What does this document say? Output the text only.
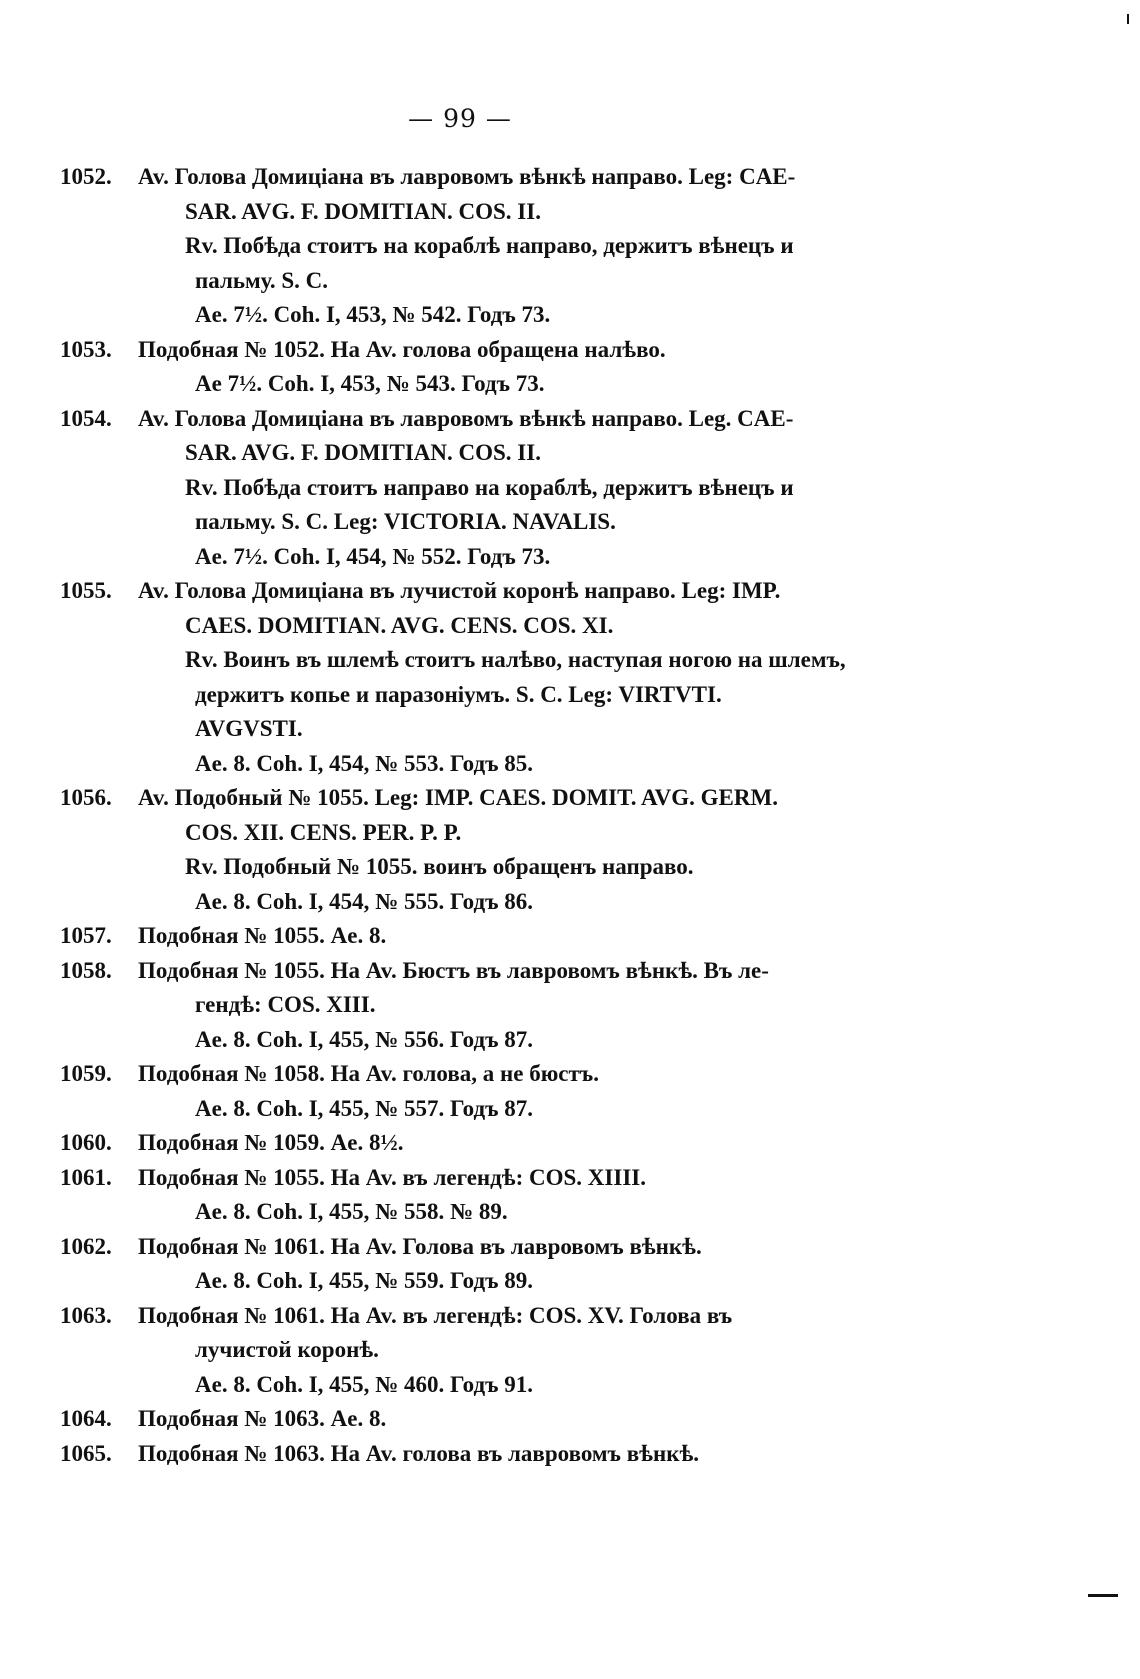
— 99 —
1052.	Av. Голова Домиціана въ лавровомъ вѣнкѣ направо. Leg: CAE-
SAR. AVG. F. DOMITIAN. COS. II.
Rv. Побѣда стоитъ на кораблѣ направо, держитъ вѣнецъ и
пальму. S. C.
Ae. 7½. Coh. I, 453, № 542. Годъ 73.
1053.	Подобная № 1052. На Av. голова обращена налѣво.
Ae 7½. Coh. I, 453, № 543. Годъ 73.
1054.	Av. Голова Домиціана въ лавровомъ вѣнкѣ направо. Leg. CAE-
SAR. AVG. F. DOMITIAN. COS. II.
Rv. Побѣда стоитъ направо на кораблѣ, держитъ вѣнецъ и
пальму. S. C. Leg: VICTORIA. NAVALIS.
Ae. 7½. Coh. I, 454, № 552. Годъ 73.
1055.	Av. Голова Домиціана въ лучистой коронѣ направо. Leg: IMP.
CAES. DOMITIAN. AVG. CENS. COS. XI.
Rv. Воинъ въ шлемѣ стоитъ налѣво, наступая ногою на шлемъ,
держитъ копье и паразоніумъ. S. C. Leg: VIRTVTI.
AVGVSTI.
Ae. 8. Coh. I, 454, № 553. Годъ 85.
1056.	Av. Подобный № 1055. Leg: IMP. CAES. DOMIT. AVG. GERM.
COS. XII. CENS. PER. P. P.
Rv. Подобный № 1055. воинъ обращенъ направо.
Ae. 8. Coh. I, 454, № 555. Годъ 86.
1057.	Подобная № 1055. Ae. 8.
1058.	Подобная № 1055. На Av. Бюстъ въ лавровомъ вѣнкѣ. Въ ле-
гендѣ: COS. XIII.
Ae. 8. Coh. I, 455, № 556. Годъ 87.
1059.	Подобная № 1058. На Av. голова, а не бюстъ.
Ae. 8. Coh. I, 455, № 557. Годъ 87.
1060.	Подобная № 1059. Ae. 8½.
1061.	Подобная № 1055. На Av. въ легендѣ: COS. XIIII.
Ae. 8. Coh. I, 455, № 558. № 89.
1062.	Подобная № 1061. На Av. Голова въ лавровомъ вѣнкѣ.
Ae. 8. Coh. I, 455, № 559. Годъ 89.
1063.	Подобная № 1061. На Av. въ легендѣ: COS. XV. Голова въ
лучистой коронѣ.
Ae. 8. Coh. I, 455, № 460. Годъ 91.
1064.	Подобная № 1063. Ae. 8.
1065.	Подобная № 1063. На Av. голова въ лавровомъ вѣнкѣ.
